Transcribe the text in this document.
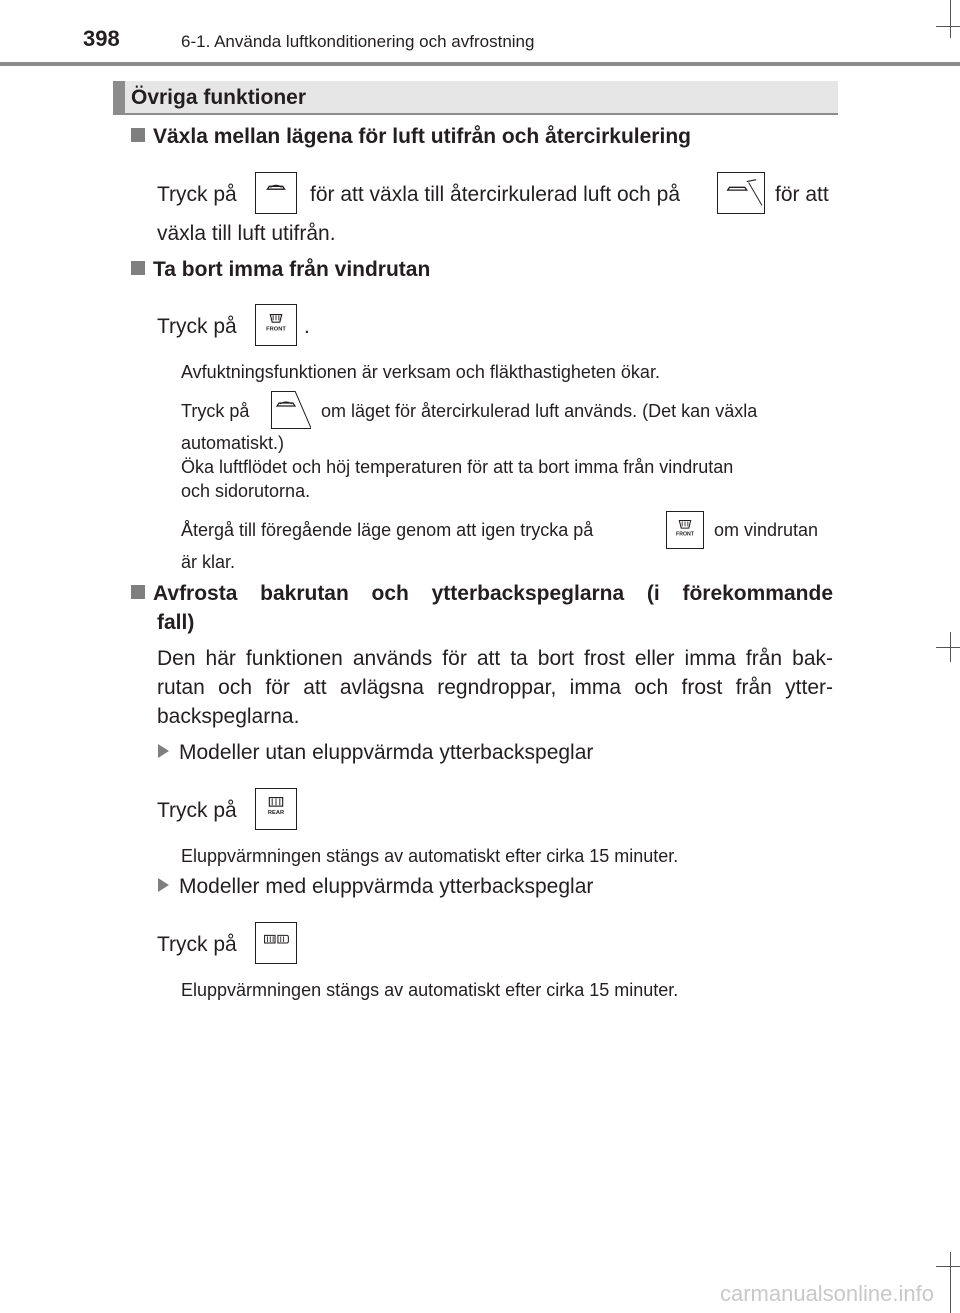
398	6-1. Använda luftkonditionering och avfrostning
Övriga funktioner
Växla mellan lägena för luft utifrån och återcirkulering
Tryck på	för att växla till återcirkulerad luft och på	för att
växla till luft utifrån.
Ta bort imma från vindrutan
Tryck på	FRONT .
Avfuktningsfunktionen är verksam och fläkthastigheten ökar.
Tryck på	om läget för återcirkulerad luft används. (Det kan växla
automatiskt.)
Öka luftflödet och höj temperaturen för att ta bort imma från vindrutan
och sidorutorna.
Återgå till föregående läge genom att igen trycka på	FRONT om vindrutan
är klar.
Avfrosta bakrutan och ytterbackspeglarna (i förekommande
fall)
Den här funktionen används för att ta bort frost eller imma från bak-
rutan och för att avlägsna regndroppar, imma och frost från ytter-
backspeglarna.
Modeller utan eluppvärmda ytterbackspeglar
Tryck på	REAR
Eluppvärmningen stängs av automatiskt efter cirka 15 minuter.
Modeller med eluppvärmda ytterbackspeglar
Tryck på
Eluppvärmningen stängs av automatiskt efter cirka 15 minuter.
carmanualsonline.info
